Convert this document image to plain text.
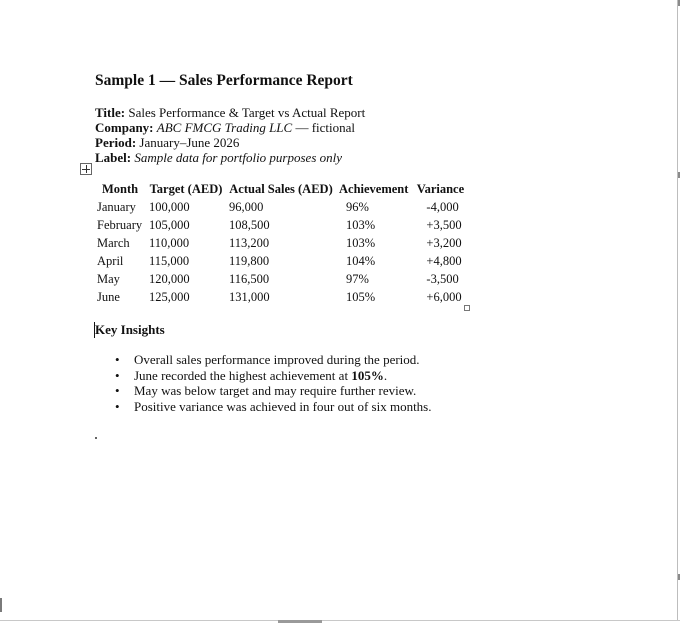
Sample 1 — Sales Performance Report
Title: Sales Performance & Target vs Actual Report
Company: ABC FMCG Trading LLC — fictional
Period: January–June 2026
Label: Sample data for portfolio purposes only
Month	Target (AED)	Actual Sales (AED)	Achievement	Variance
January	100,000	96,000	96%	-4,000
February	105,000	108,500	103%	+3,500
March	110,000	113,200	103%	+3,200
April	115,000	119,800	104%	+4,800
May	120,000	116,500	97%	-3,500
June	125,000	131,000	105%	+6,000
Key Insights
• Overall sales performance improved during the period.
• June recorded the highest achievement at 105%.
• May was below target and may require further review.
• Positive variance was achieved in four out of six months.
